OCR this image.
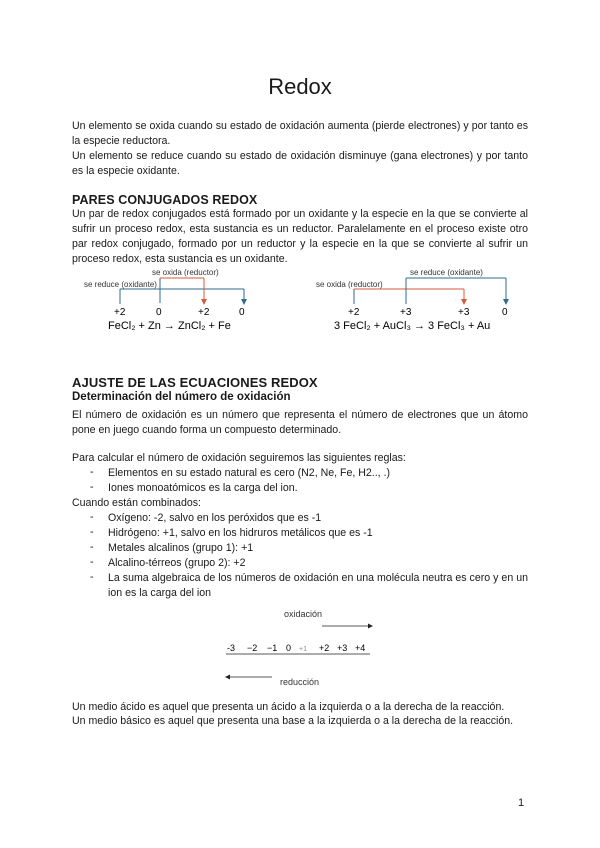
Redox

Un elemento se oxida cuando su estado de oxidación aumenta (pierde electrones) y por tanto es la especie reductora.

Un elemento se reduce cuando su estado de oxidación disminuye (gana electrones) y por tanto es la especie oxidante.

PARES CONJUGADOS REDOX

Un par de redox conjugados está formado por un oxidante y la especie en la que se convierte al sufrir un proceso redox, esta sustancia es un reductor. Paralelamente en el proceso existe otro par redox conjugado, formado por un reductor y la especie en la que se convierte al sufrir un proceso redox, esta sustancia es un oxidante.

se oxida (reductor)
se reduce (oxidante)
+2	0	+2	0
FeCl₂ + Zn → ZnCl₂ + Fe
se reduce (oxidante)
se oxida (reductor)
+2	+3	+3	0
3 FeCl₂ + AuCl₃ → 3 FeCl₃ + Au
AJUSTE DE LAS ECUACIONES REDOX
Determinación del número de oxidación

El número de oxidación es un número que representa el número de electrones que un átomo pone en juego cuando forma un compuesto determinado.

Para calcular el número de oxidación seguiremos las siguientes reglas:

- Elementos en su estado natural es cero (N2, Ne, Fe, H2.., .)

- Iones monoatómicos es la carga del ion.

Cuando están combinados:

- Oxígeno: -2, salvo en los peróxidos que es -1

- Hidrógeno: +1, salvo en los hidruros metálicos que es -1

- Metales alcalinos (grupo 1): +1

- Alcalino-térreos (grupo 2): +2

- La suma algebraica de los números de oxidación en una molécula neutra es cero y en un ion es la carga del ion

oxidación
-3 −2 −1 0 +1 +2 +3 +4
reducción

Un medio ácido es aquel que presenta un ácido a la izquierda o a la derecha de la reacción.

Un medio básico es aquel que presenta una base a la izquierda o a la derecha de la reacción.

1
